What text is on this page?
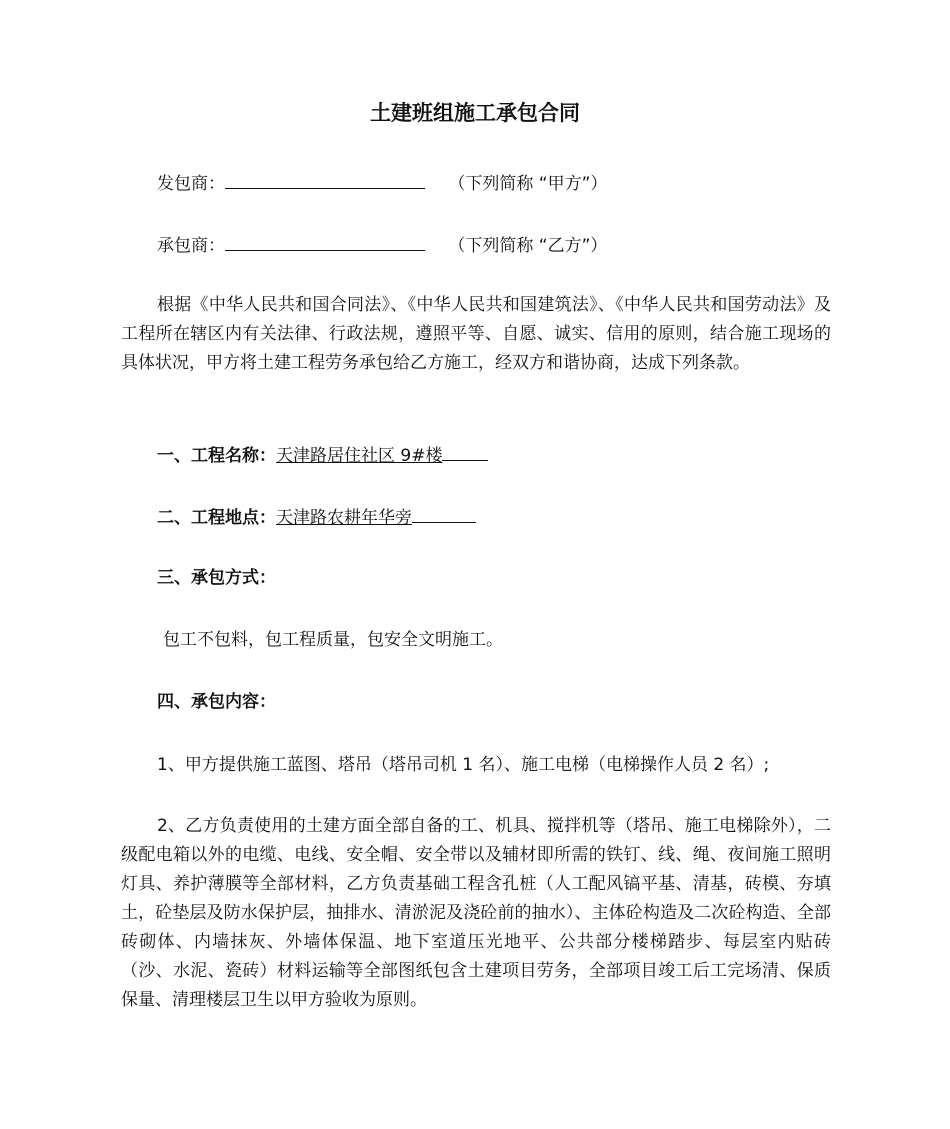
土建班组施工承包合同
发包商：	（下列简称 “甲方”）
承包商：	（下列简称 “乙方”）
根据《中华人民共和国合同法》、《中华人民共和国建筑法》、《中华人民共和国劳动法》及工程所在辖区内有关法律、行政法规，遵照平等、自愿、诚实、信用的原则，结合施工现场的具体状况，甲方将土建工程劳务承包给乙方施工，经双方和谐协商，达成下列条款。
一、工程名称：天津路居住社区 9#楼
二、工程地点：天津路农耕年华旁
三、承包方式：
包工不包料，包工程质量，包安全文明施工。
四、承包内容：
1、甲方提供施工蓝图、塔吊（塔吊司机 1 名）、施工电梯（电梯操作人员 2 名）;
2、乙方负责使用的土建方面全部自备的工、机具、搅拌机等（塔吊、施工电梯除外），二级配电箱以外的电缆、电线、安全帽、安全带以及辅材即所需的铁钉、线、绳、夜间施工照明灯具、养护薄膜等全部材料，乙方负责基础工程含孔桩（人工配风镐平基、清基，砖模、夯填土，砼垫层及防水保护层，抽排水、清淤泥及浇砼前的抽水）、主体砼构造及二次砼构造、全部砖砌体、内墙抹灰、外墙体保温、地下室道压光地平、公共部分楼梯踏步、每层室内贴砖（沙、水泥、瓷砖）材料运输等全部图纸包含土建项目劳务，全部项目竣工后工完场清、保质保量、清理楼层卫生以甲方验收为原则。
